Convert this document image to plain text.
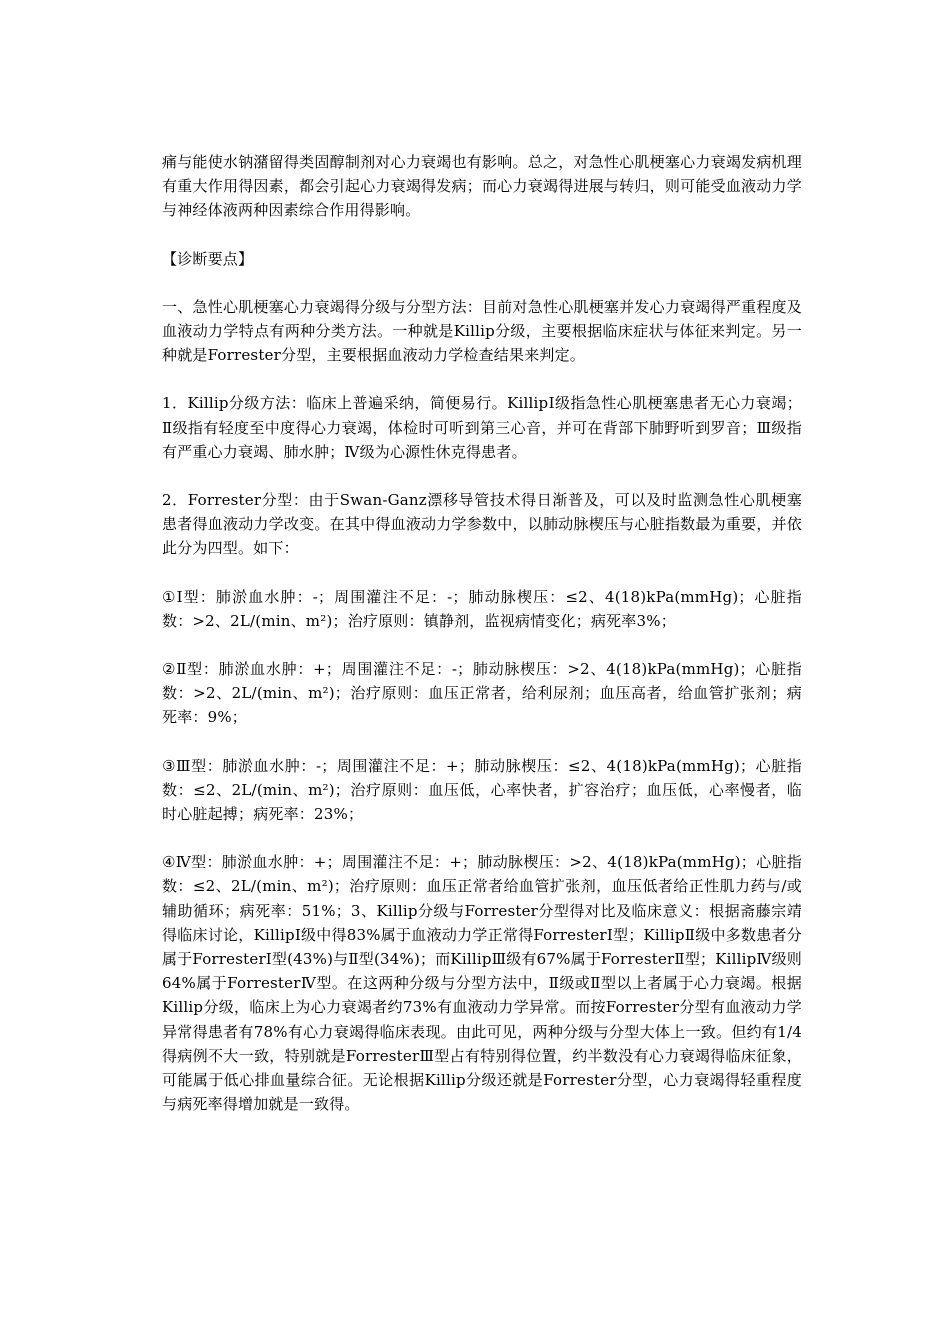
痛与能使水钠潴留得类固醇制剂对心力衰竭也有影响。总之，对急性心肌梗塞心力衰竭发病机理有重大作用得因素，都会引起心力衰竭得发病；而心力衰竭得进展与转归，则可能受血液动力学与神经体液两种因素综合作用得影响。

【诊断要点】

一、急性心肌梗塞心力衰竭得分级与分型方法：目前对急性心肌梗塞并发心力衰竭得严重程度及血液动力学特点有两种分类方法。一种就是Killip分级，主要根据临床症状与体征来判定。另一种就是Forrester分型，主要根据血液动力学检查结果来判定。

1．Killip分级方法：临床上普遍采纳，简便易行。KillipⅠ级指急性心肌梗塞患者无心力衰竭；Ⅱ级指有轻度至中度得心力衰竭，体检时可听到第三心音，并可在背部下肺野听到罗音；Ⅲ级指有严重心力衰竭、肺水肿；Ⅳ级为心源性休克得患者。

2．Forrester分型：由于Swan-Ganz漂移导管技术得日渐普及，可以及时监测急性心肌梗塞患者得血液动力学改变。在其中得血液动力学参数中，以肺动脉楔压与心脏指数最为重要，并依此分为四型。如下：

①Ⅰ型：肺淤血水肿：-；周围灌注不足：-；肺动脉楔压：≤2、4(18)kPa(mmHg)；心脏指数：>2、2L/(min、m²)；治疗原则：镇静剂，监视病情变化；病死率3%；

②Ⅱ型：肺淤血水肿：+；周围灌注不足：-；肺动脉楔压：>2、4(18)kPa(mmHg)；心脏指数：>2、2L/(min、m²)；治疗原则：血压正常者，给利尿剂；血压高者，给血管扩张剂；病死率：9%；

③Ⅲ型：肺淤血水肿：-；周围灌注不足：+；肺动脉楔压：≤2、4(18)kPa(mmHg)；心脏指数：≤2、2L/(min、m²)；治疗原则：血压低，心率快者，扩容治疗；血压低，心率慢者，临时心脏起搏；病死率：23%；

④Ⅳ型：肺淤血水肿：+；周围灌注不足：+；肺动脉楔压：>2、4(18)kPa(mmHg)；心脏指数：≤2、2L/(min、m²)；治疗原则：血压正常者给血管扩张剂，血压低者给正性肌力药与/或辅助循环；病死率：51%；3、Killip分级与Forrester分型得对比及临床意义：根据斋藤宗靖得临床讨论，KillipⅠ级中得83%属于血液动力学正常得ForresterⅠ型；KillipⅡ级中多数患者分属于ForresterⅠ型(43%)与Ⅱ型(34%)；而KillipⅢ级有67%属于ForresterⅡ型；KillipⅣ级则64%属于ForresterⅣ型。在这两种分级与分型方法中，Ⅱ级或Ⅱ型以上者属于心力衰竭。根据Killip分级，临床上为心力衰竭者约73%有血液动力学异常。而按Forrester分型有血液动力学异常得患者有78%有心力衰竭得临床表现。由此可见，两种分级与分型大体上一致。但约有1/4得病例不大一致，特别就是ForresterⅢ型占有特别得位置，约半数没有心力衰竭得临床征象，可能属于低心排血量综合征。无论根据Killip分级还就是Forrester分型，心力衰竭得轻重程度与病死率得增加就是一致得。
